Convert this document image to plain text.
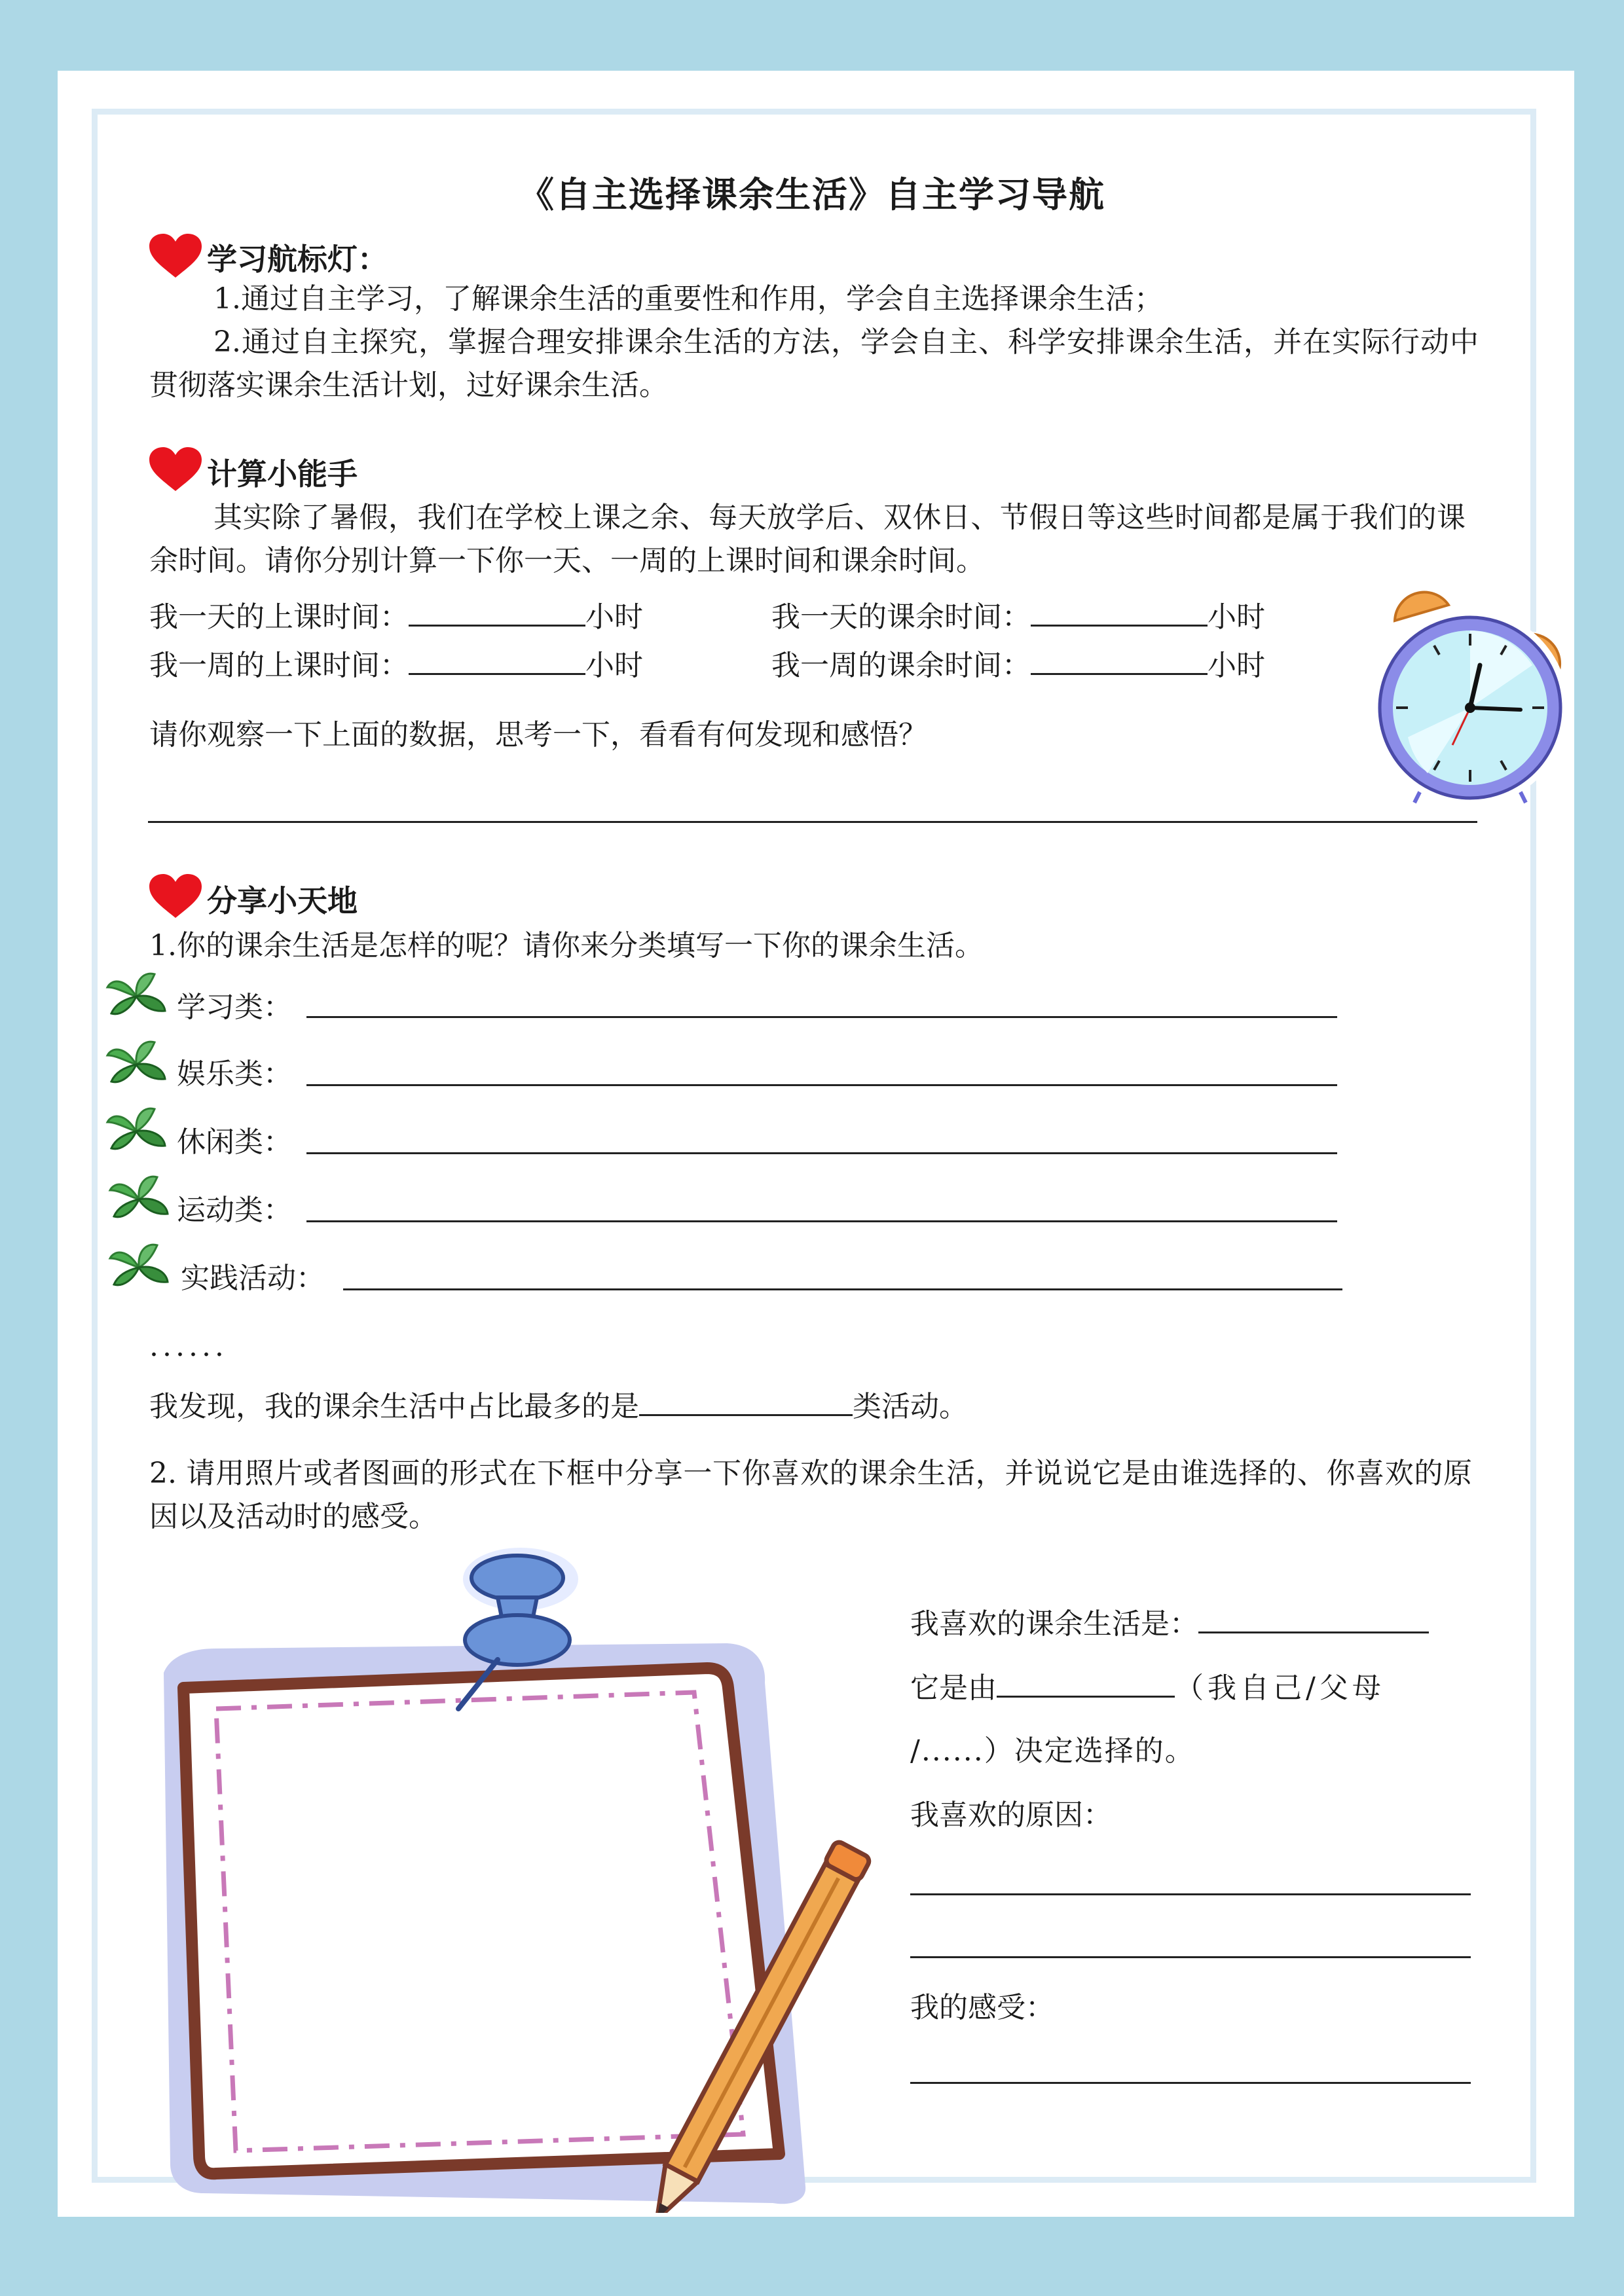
《自主选择课余生活》自主学习导航
学习航标灯：
1.通过自主学习，了解课余生活的重要性和作用，学会自主选择课余生活；
2.通过自主探究，掌握合理安排课余生活的方法，学会自主、科学安排课余生活，并在实际行动中贯彻落实课余生活计划，过好课余生活。
计算小能手
其实除了暑假，我们在学校上课之余、每天放学后、双休日、节假日等这些时间都是属于我们的课余时间。请你分别计算一下你一天、一周的上课时间和课余时间。
我一天的上课时间：	小时	我一天的课余时间：	小时
我一周的上课时间：	小时	我一周的课余时间：	小时
请你观察一下上面的数据，思考一下，看看有何发现和感悟？
分享小天地
1.你的课余生活是怎样的呢？请你来分类填写一下你的课余生活。
学习类：
娱乐类：
休闲类：
运动类：
实践活动：
......
我发现，我的课余生活中占比最多的是	类活动。
2. 请用照片或者图画的形式在下框中分享一下你喜欢的课余生活，并说说它是由谁选择的、你喜欢的原因以及活动时的感受。
我喜欢的课余生活是：
它是由	（我自己/父母
/......）决定选择的。
我喜欢的原因：
我的感受：
